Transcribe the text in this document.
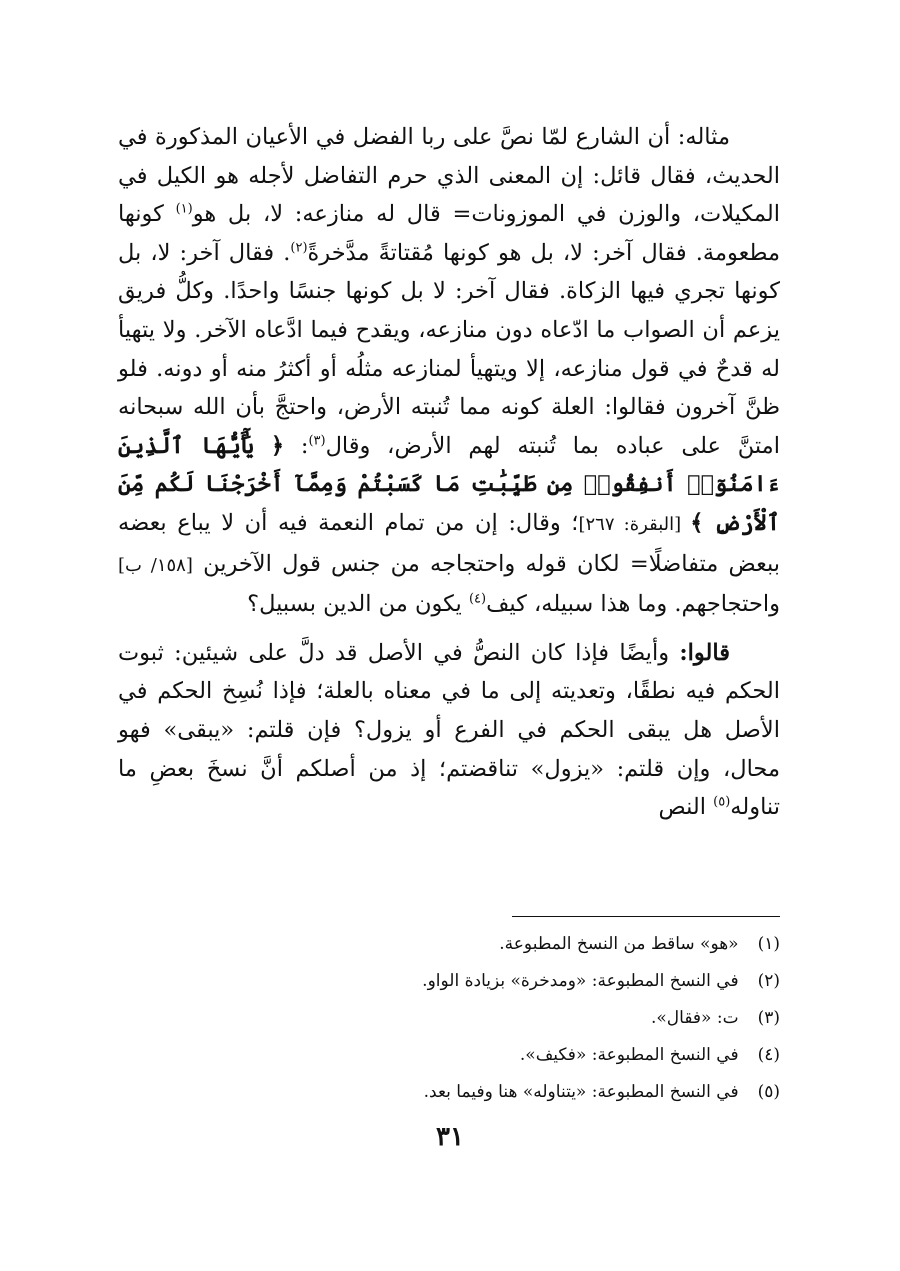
مثاله: أن الشارع لمّا نصَّ على ربا الفضل في الأعيان المذكورة في الحديث، فقال قائل: إن المعنى الذي حرم التفاضل لأجله هو الكيل في المكيلات، والوزن في الموزونات= قال له منازعه: لا، بل هو$^{(١)}$ كونها مطعومة. فقال آخر: لا، بل هو كونها مُقتاتةً مدَّخرةً$^{(٢)}$. فقال آخر: لا، بل كونها تجري فيها الزكاة. فقال آخر: لا بل كونها جنسًا واحدًا. وكلُّ فريق يزعم أن الصواب ما ادّعاه دون منازعه، ويقدح فيما ادَّعاه الآخر. ولا يتهيأ له قدحٌ في قول منازعه، إلا ويتهيأ لمنازعه مثلُه أو أكثرُ منه أو دونه. فلو ظنَّ آخرون فقالوا: العلة كونه مما تُنبته الأرض، واحتجَّ بأن الله سبحانه امتنَّ على عباده بما تُنبته لهم الأرض، وقال$^{(٣)}$: ﴿ يَٰٓأَيُّهَا ٱلَّذِينَ ءَامَنُوٓا۟ أَنفِقُوا۟ مِن طَيِّبَٰتِ مَا كَسَبْتُمْ وَمِمَّآ أَخْرَجْنَا لَكُم مِّنَ ٱلْأَرْضِ ﴾ [البقرة: ٢٦٧]؛ وقال: إن من تمام النعمة فيه أن لا يباع بعضه ببعض متفاضلًا= لكان قوله واحتجاجه من جنس قول الآخرين [١٥٨/ ب] واحتجاجهم. وما هذا سبيله، كيف$^{(٤)}$ يكون من الدين بسبيل؟

قالوا: وأيضًا فإذا كان النصُّ في الأصل قد دلَّ على شيئين: ثبوت الحكم فيه نطقًا، وتعديته إلى ما في معناه بالعلة؛ فإذا نُسِخ الحكم في الأصل هل يبقى الحكم في الفرع أو يزول؟ فإن قلتم: «يبقى» فهو محال، وإن قلتم: «يزول» تناقضتم؛ إذ من أصلكم أنَّ نسخَ بعضِ ما تناوله$^{(٥)}$ النص

(١) «هو» ساقط من النسخ المطبوعة.
(٢) في النسخ المطبوعة: «ومدخرة» بزيادة الواو.
(٣) ت: «فقال».
(٤) في النسخ المطبوعة: «فكيف».
(٥) في النسخ المطبوعة: «يتناوله» هنا وفيما بعد.
٣١
